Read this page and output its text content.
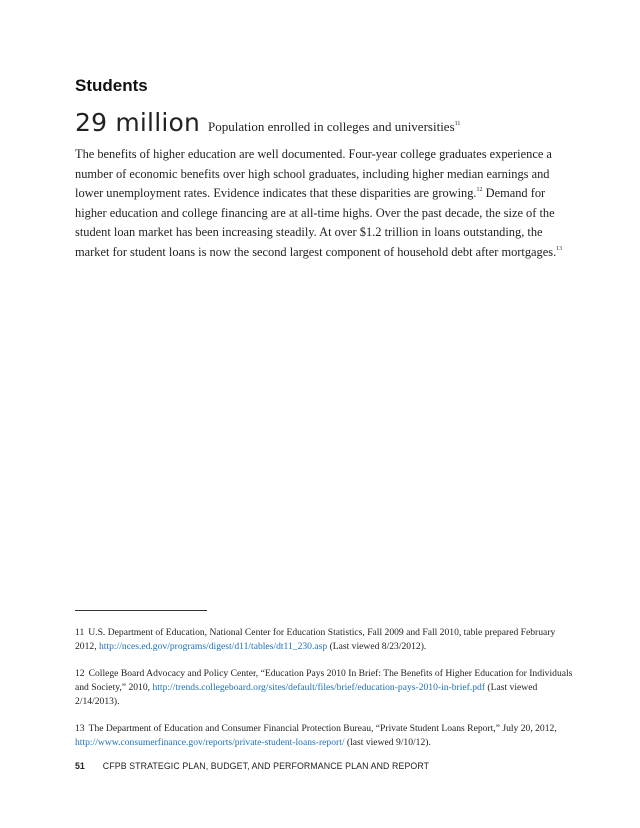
Students
29 million Population enrolled in colleges and universities$^{11}$

The benefits of higher education are well documented. Four-year college graduates experience a number of economic benefits over high school graduates, including higher median earnings and lower unemployment rates. Evidence indicates that these disparities are growing.$^{12}$ Demand for higher education and college financing are at all-time highs. Over the past decade, the size of the student loan market has been increasing steadily. At over $1.2 trillion in loans outstanding, the market for student loans is now the second largest component of household debt after mortgages.$^{13}$

11 U.S. Department of Education, National Center for Education Statistics, Fall 2009 and Fall 2010, table prepared February 2012, http://nces.ed.gov/programs/digest/d11/tables/dt11_230.asp (Last viewed 8/23/2012).

12 College Board Advocacy and Policy Center, “Education Pays 2010 In Brief: The Benefits of Higher Education for Individuals and Society,” 2010, http://trends.collegeboard.org/sites/default/files/brief/education-pays-2010-in-brief.pdf (Last viewed 2/14/2013).

13 The Department of Education and Consumer Financial Protection Bureau, “Private Student Loans Report,” July 20, 2012, http://www.consumerfinance.gov/reports/private-student-loans-report/ (last viewed 9/10/12).

51 CFPB STRATEGIC PLAN, BUDGET, AND PERFORMANCE PLAN AND REPORT
